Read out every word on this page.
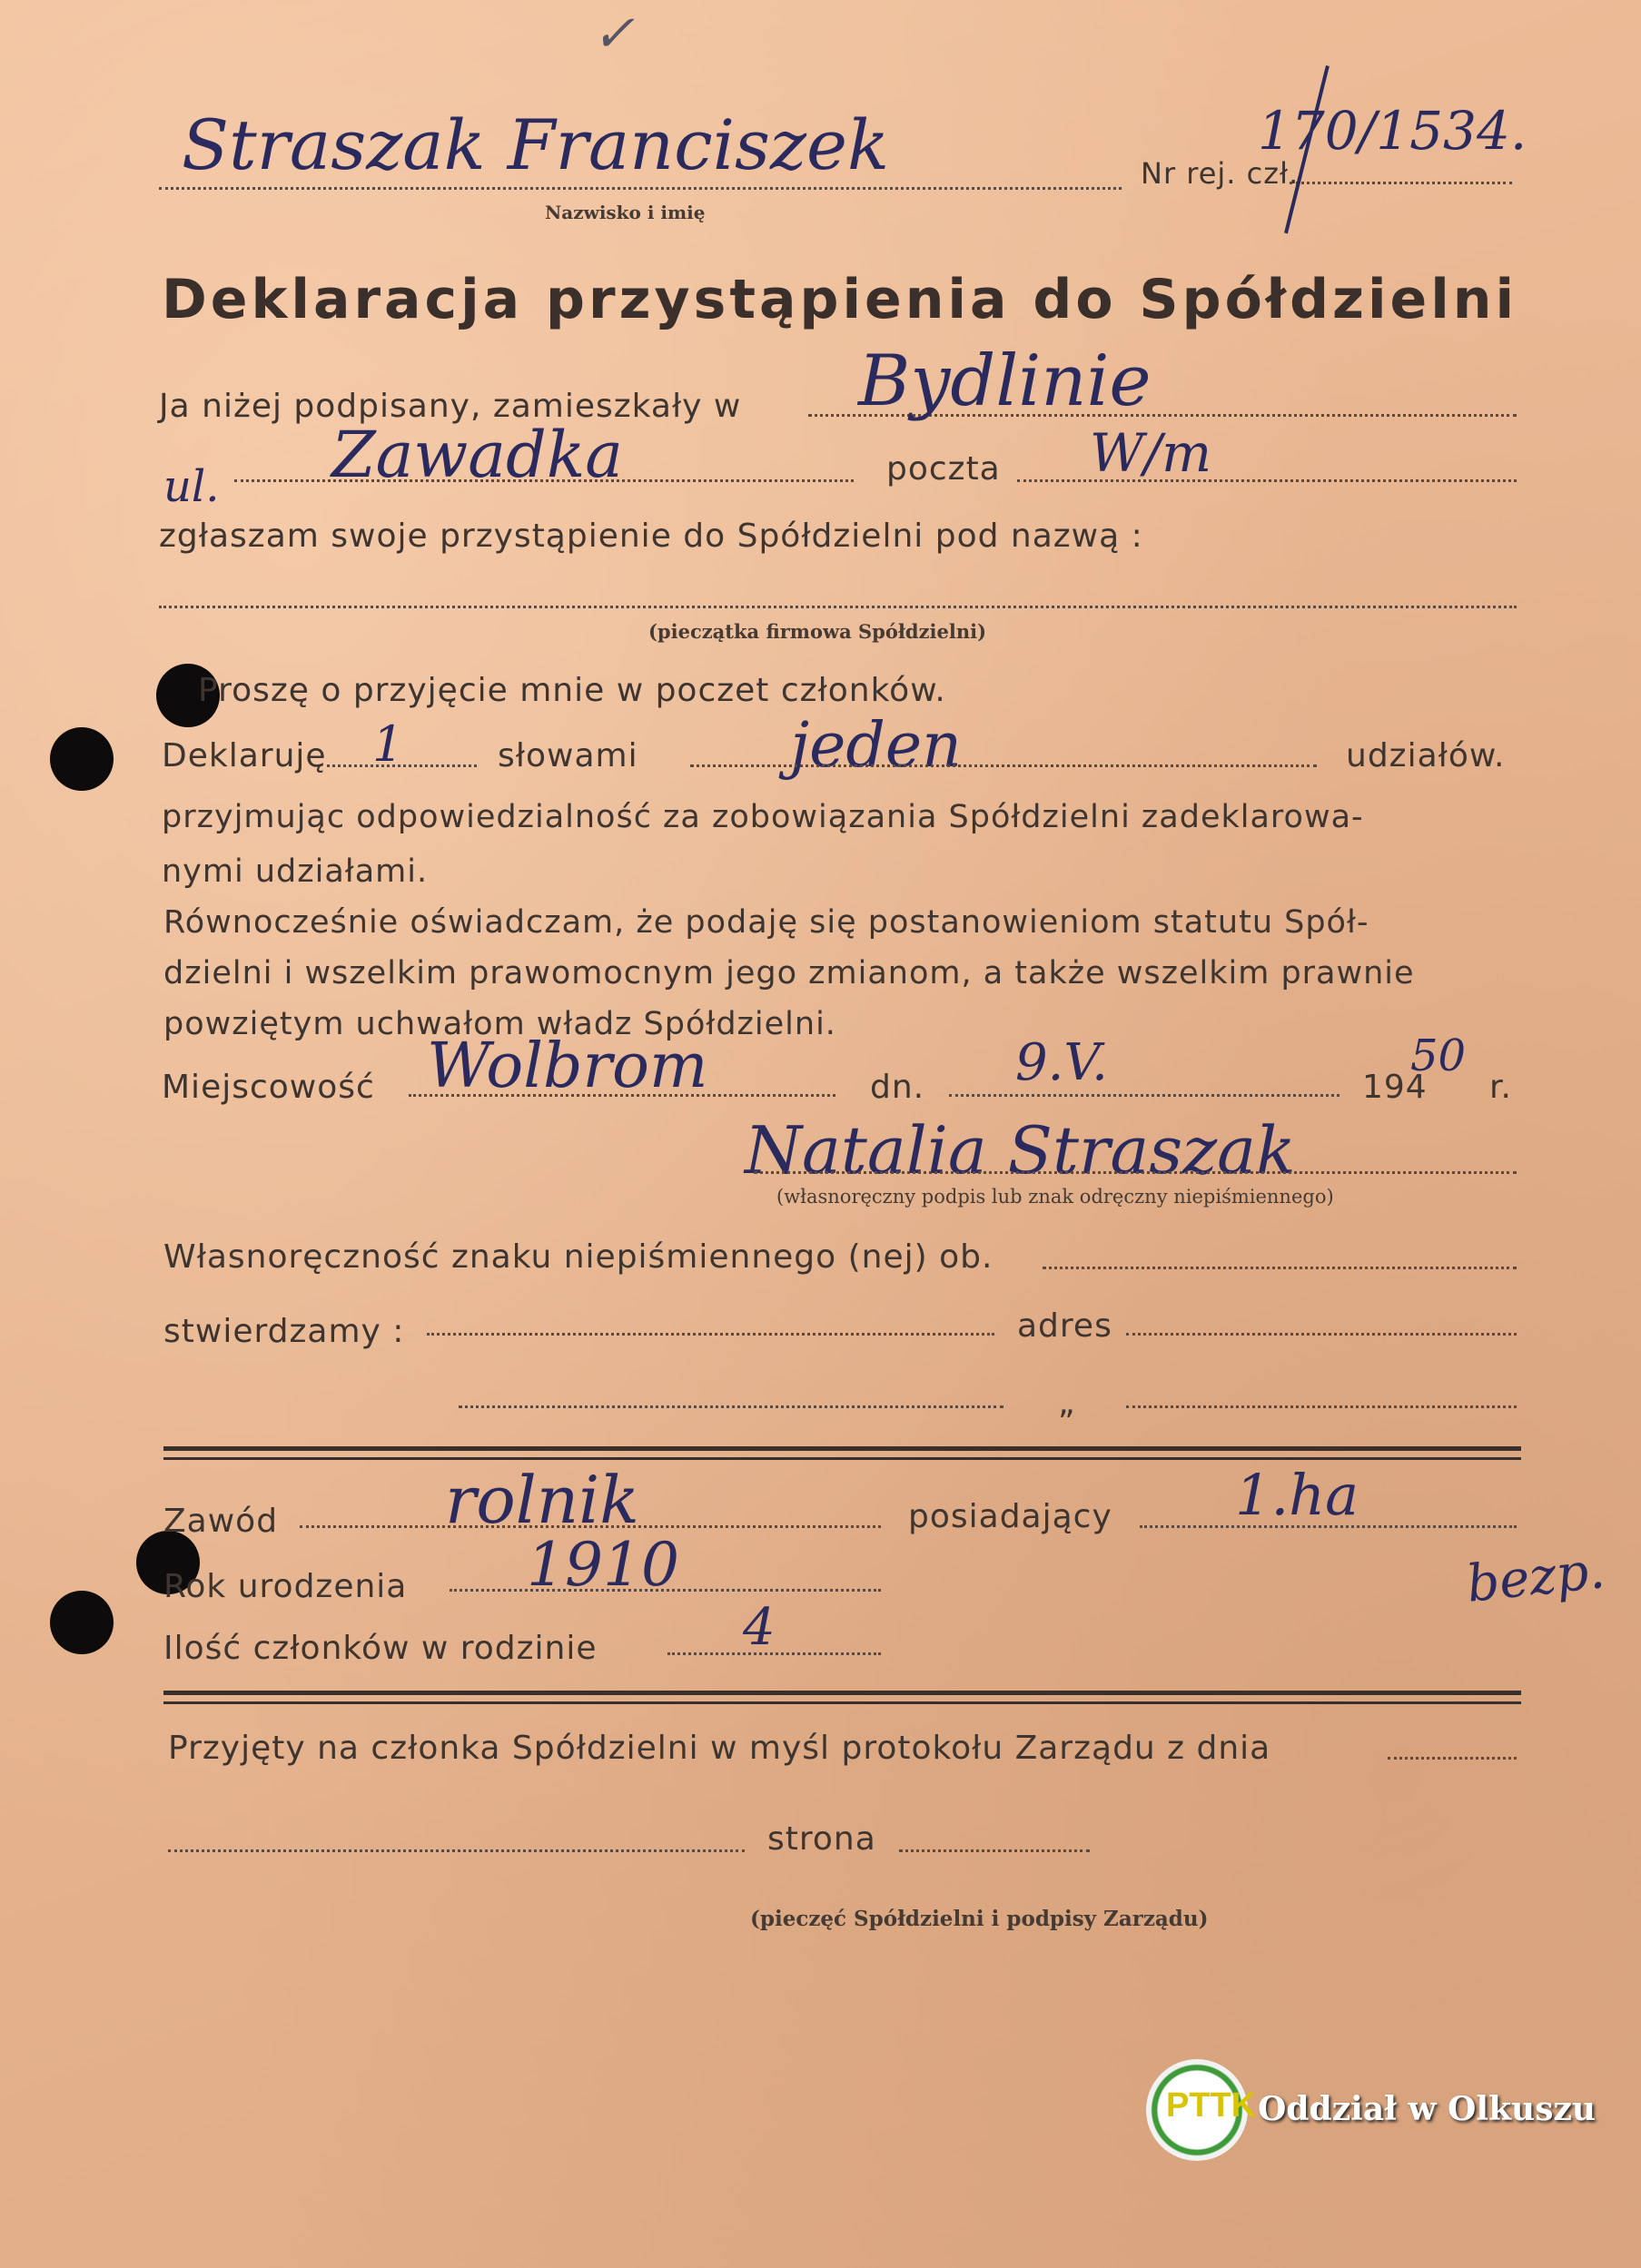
✓
Straszak Franciszek
Nazwisko i imię
Nr rej. czł.
170/1534.
Deklaracja przystąpienia do Spółdzielni
Ja niżej podpisany, zamieszkały w Bydlinie
ul. Zawadka	poczta W/m
zgłaszam swoje przystąpienie do Spółdzielni pod nazwą :
(pieczątka firmowa Spółdzielni)
Proszę o przyjęcie mnie w poczet członków.
Deklaruję 1	słowami jeden	udziałów.
przyjmując odpowiedzialność za zobowiązania Spółdzielni zadeklarowa-
nymi udziałami.
Równocześnie oświadczam, że podaję się postanowieniom statutu Spół-
dzielni i wszelkim prawomocnym jego zmianom, a także wszelkim prawnie
powziętym uchwałom władz Spółdzielni.
Miejscowość Wolbrom	dn. 9.V.	194
50
r.
Natalia Straszak
(własnoręczny podpis lub znak odręczny niepiśmiennego)
Własnoręczność znaku niepiśmiennego (nej) ob.
stwierdzamy :	adres
„
Zawód	rolnik	posiadający 1.ha
Rok urodzenia 1910
Ilość członków w rodzinie	4
bezp.
Przyjęty na członka Spółdzielni w myśl protokołu Zarządu z dnia
strona
(pieczęć Spółdzielni i podpisy Zarządu)
PTTK Oddział w Olkuszu
